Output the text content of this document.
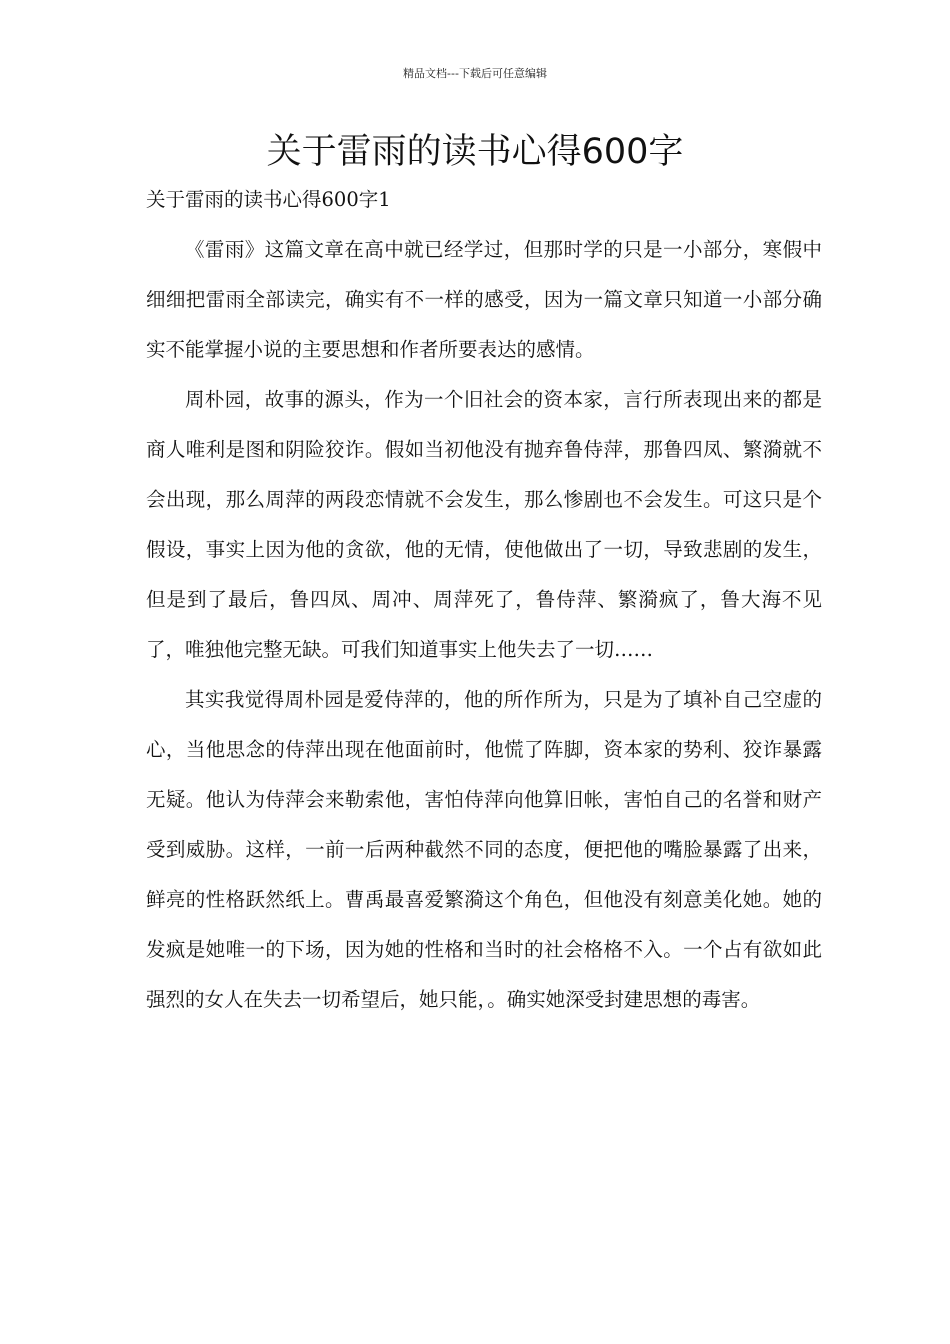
精品文档---下载后可任意编辑
关于雷雨的读书心得600字
关于雷雨的读书心得600字1

《雷雨》这篇文章在高中就已经学过，但那时学的只是一小部分，寒假中细细把雷雨全部读完，确实有不一样的感受，因为一篇文章只知道一小部分确实不能掌握小说的主要思想和作者所要表达的感情。

周朴园，故事的源头，作为一个旧社会的资本家，言行所表现出来的都是商人唯利是图和阴险狡诈。假如当初他没有抛弃鲁侍萍，那鲁四凤、繁漪就不会出现，那么周萍的两段恋情就不会发生，那么惨剧也不会发生。可这只是个假设，事实上因为他的贪欲，他的无情，使他做出了一切，导致悲剧的发生，但是到了最后，鲁四凤、周冲、周萍死了，鲁侍萍、繁漪疯了，鲁大海不见了，唯独他完整无缺。可我们知道事实上他失去了一切……

其实我觉得周朴园是爱侍萍的，他的所作所为，只是为了填补自己空虚的心，当他思念的侍萍出现在他面前时，他慌了阵脚，资本家的势利、狡诈暴露无疑。他认为侍萍会来勒索他，害怕侍萍向他算旧帐，害怕自己的名誉和财产受到威胁。这样，一前一后两种截然不同的态度，便把他的嘴脸暴露了出来，鲜亮的性格跃然纸上。曹禹最喜爱繁漪这个角色，但他没有刻意美化她。她的发疯是她唯一的下场，因为她的性格和当时的社会格格不入。一个占有欲如此强烈的女人在失去一切希望后，她只能，。确实她深受封建思想的毒害。
